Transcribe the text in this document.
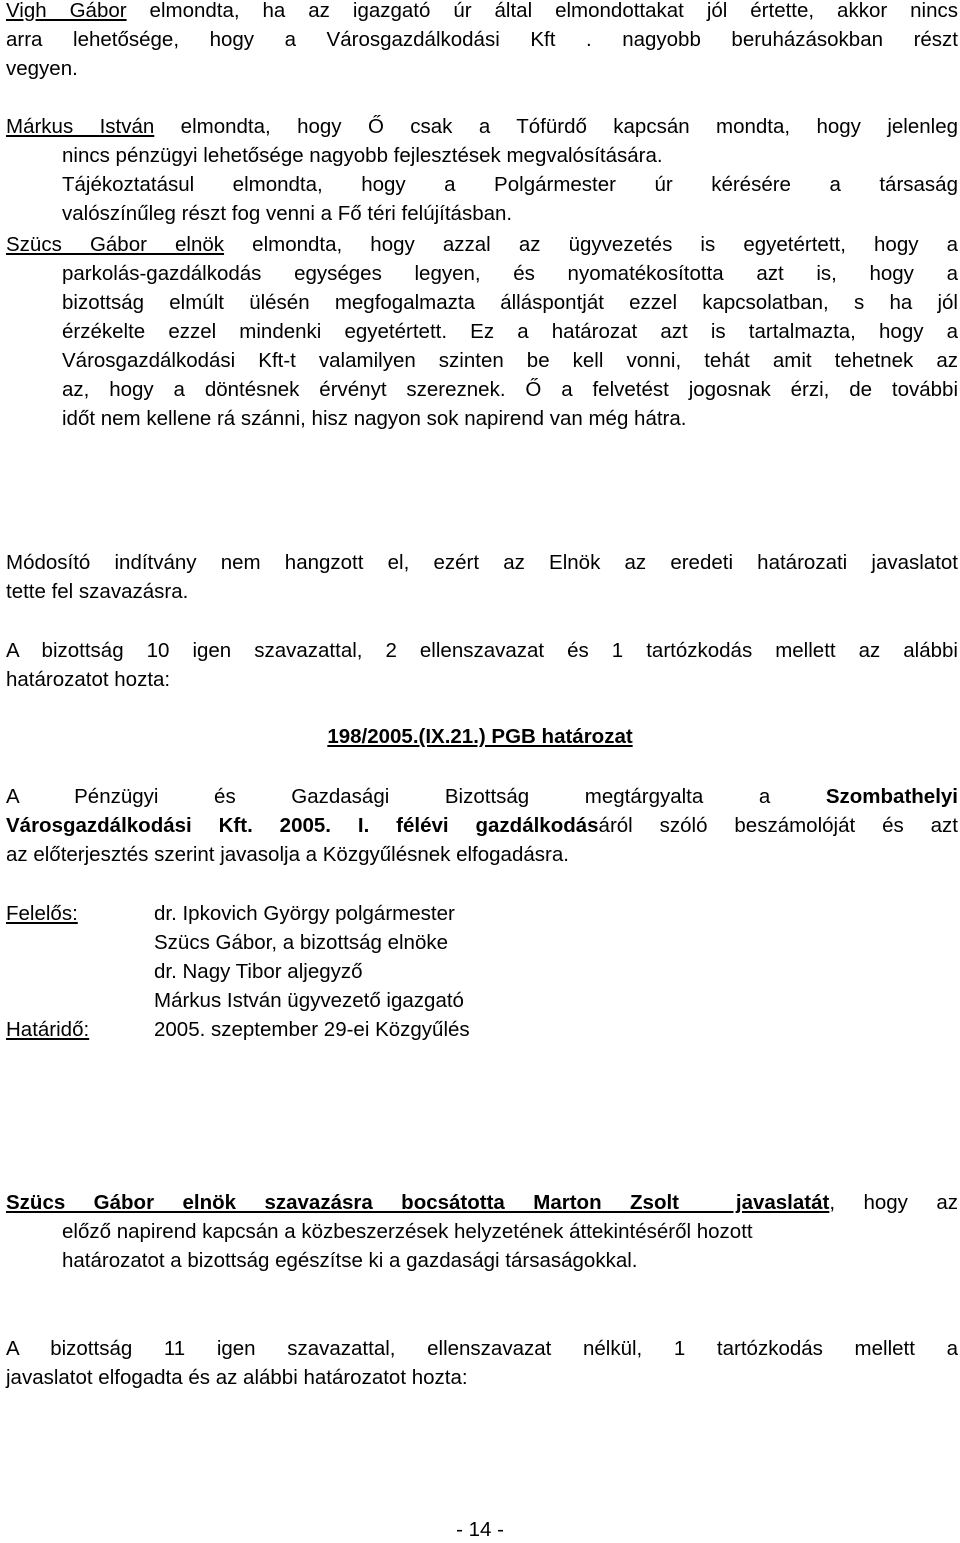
Vigh Gábor elmondta, ha az igazgató úr által elmondottakat jól értette, akkor nincs
arra lehetősége, hogy a Városgazdálkodási Kft . nagyobb beruházásokban részt
vegyen.
Márkus István elmondta, hogy Ő csak a Tófürdő kapcsán mondta, hogy jelenleg
nincs pénzügyi lehetősége nagyobb fejlesztések megvalósítására.
Tájékoztatásul elmondta, hogy a Polgármester úr kérésére a társaság
valószínűleg részt fog venni a Fő téri felújításban.
Szücs Gábor elnök elmondta, hogy azzal az ügyvezetés is egyetértett, hogy a
parkolás-gazdálkodás egységes legyen, és nyomatékosította azt is, hogy a
bizottság elmúlt ülésén megfogalmazta álláspontját ezzel kapcsolatban, s ha jól
érzékelte ezzel mindenki egyetértett. Ez a határozat azt is tartalmazta, hogy a
Városgazdálkodási Kft-t valamilyen szinten be kell vonni, tehát amit tehetnek az
az, hogy a döntésnek érvényt szereznek. Ő a felvetést jogosnak érzi, de további
időt nem kellene rá szánni, hisz nagyon sok napirend van még hátra.
Módosító indítvány nem hangzott el, ezért az Elnök az eredeti határozati javaslatot
tette fel szavazásra.
A bizottság 10 igen szavazattal, 2 ellenszavazat és 1 tartózkodás mellett az alábbi
határozatot hozta:
198/2005.(IX.21.) PGB határozat
A Pénzügyi és Gazdasági Bizottság megtárgyalta a Szombathelyi
Városgazdálkodási Kft. 2005. I. félévi gazdálkodásáról szóló beszámolóját és azt
az előterjesztés szerint javasolja a Közgyűlésnek elfogadásra.
Felelős:	dr. Ipkovich György polgármester
Szücs Gábor, a bizottság elnöke
dr. Nagy Tibor aljegyző
Márkus István ügyvezető igazgató
2005. szeptember 29-ei Közgyűlés
Határidő:
Szücs Gábor elnök szavazásra bocsátotta Marton Zsolt  javaslatát, hogy az
előző napirend kapcsán a közbeszerzések helyzetének áttekintéséről hozott
határozatot a bizottság egészítse ki a gazdasági társaságokkal.
A bizottság 11 igen szavazattal, ellenszavazat nélkül, 1 tartózkodás mellett a
javaslatot elfogadta és az alábbi határozatot hozta:
- 14 -
